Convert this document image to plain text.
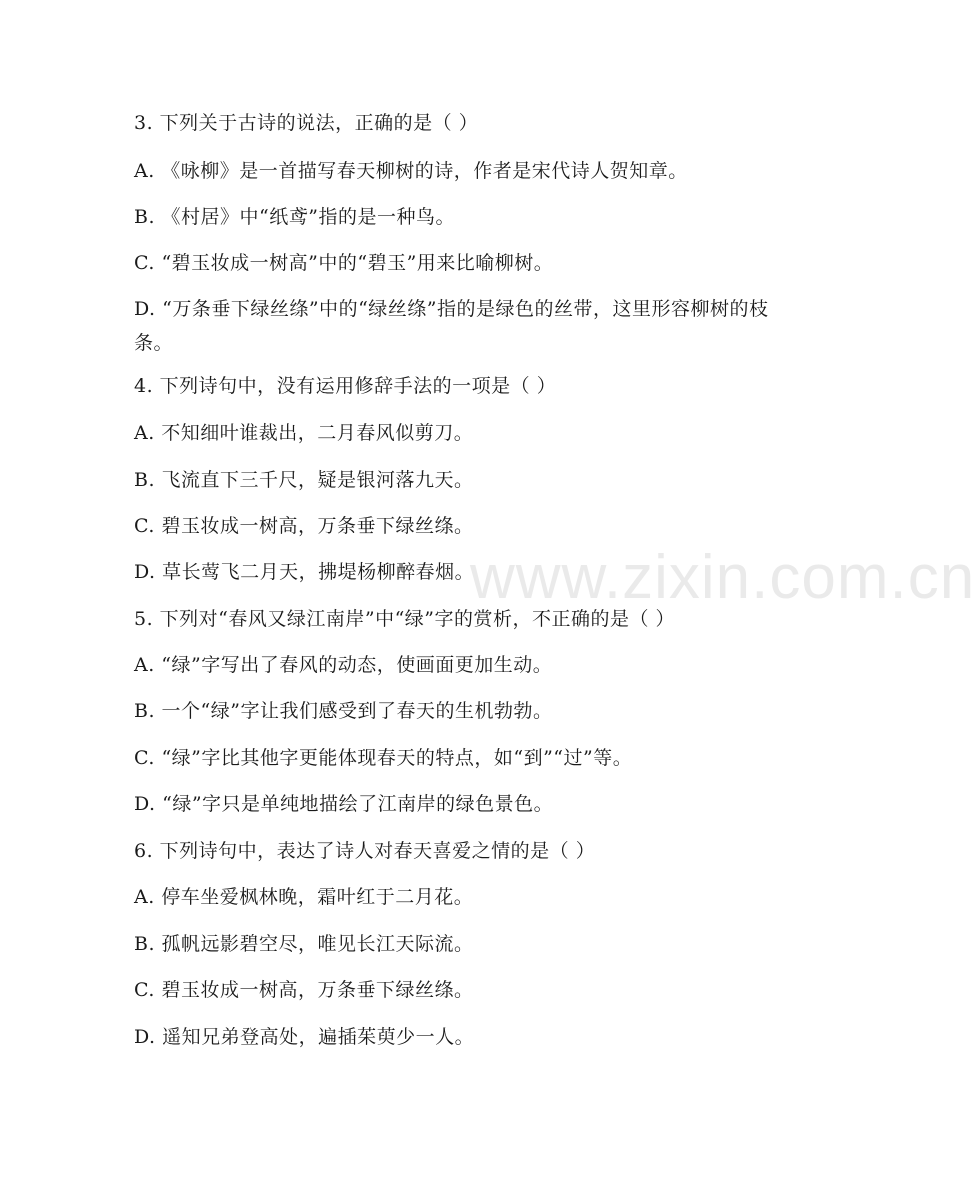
3. 下列关于古诗的说法，正确的是（ ）
A. 《咏柳》是一首描写春天柳树的诗，作者是宋代诗人贺知章。
B. 《村居》中“纸鸢”指的是一种鸟。
C. “碧玉妆成一树高”中的“碧玉”用来比喻柳树。
D. “万条垂下绿丝绦”中的“绿丝绦”指的是绿色的丝带，这里形容柳树的枝条。
4. 下列诗句中，没有运用修辞手法的一项是（ ）
A. 不知细叶谁裁出，二月春风似剪刀。
B. 飞流直下三千尺，疑是银河落九天。
C. 碧玉妆成一树高，万条垂下绿丝绦。
D. 草长莺飞二月天，拂堤杨柳醉春烟。
5. 下列对“春风又绿江南岸”中“绿”字的赏析，不正确的是（ ）
A. “绿”字写出了春风的动态，使画面更加生动。
B. 一个“绿”字让我们感受到了春天的生机勃勃。
C. “绿”字比其他字更能体现春天的特点，如“到”“过”等。
D. “绿”字只是单纯地描绘了江南岸的绿色景色。
6. 下列诗句中，表达了诗人对春天喜爱之情的是（ ）
A. 停车坐爱枫林晚，霜叶红于二月花。
B. 孤帆远影碧空尽，唯见长江天际流。
C. 碧玉妆成一树高，万条垂下绿丝绦。
D. 遥知兄弟登高处，遍插茱萸少一人。
www.zixin.com.cn
